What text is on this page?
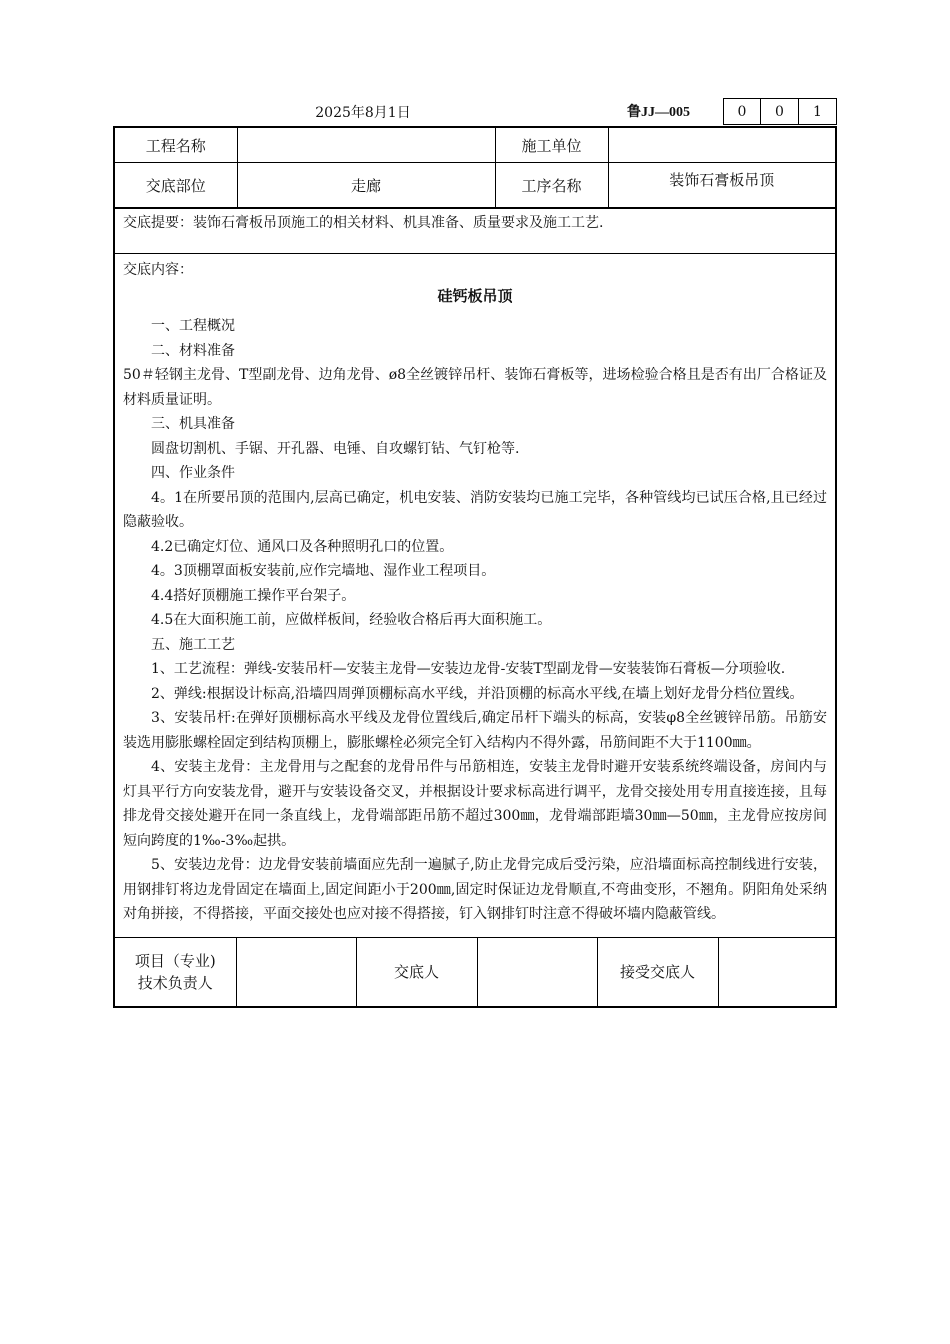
2025年8月1日	鲁JJ—005	0	0	1
工程名称		施工单位	
交底部位	走廊	工序名称	装饰石膏板吊顶
交底提要：装饰石膏板吊顶施工的相关材料、机具准备、质量要求及施工工艺.

交底内容：

硅钙板吊顶

一、工程概况

二、材料准备

50＃轻钢主龙骨、T型副龙骨、边角龙骨、ø8全丝镀锌吊杆、装饰石膏板等，进场检验合格且是否有出厂合格证及材料质量证明。

三、机具准备

圆盘切割机、手锯、开孔器、电锤、自攻螺钉钻、气钉枪等.

四、作业条件

4。1在所要吊顶的范围内,层高已确定，机电安装、消防安装均已施工完毕，各种管线均已试压合格,且已经过隐蔽验收。

4.2已确定灯位、通风口及各种照明孔口的位置。

4。3顶棚罩面板安装前,应作完墙地、湿作业工程项目。

4.4搭好顶棚施工操作平台架子。

4.5在大面积施工前，应做样板间，经验收合格后再大面积施工。

五、施工工艺

1、工艺流程：弹线-安装吊杆—安装主龙骨—安装边龙骨-安装T型副龙骨—安装装饰石膏板—分项验收.

2、弹线:根据设计标高,沿墙四周弹顶棚标高水平线，并沿顶棚的标高水平线,在墙上划好龙骨分档位置线。

3、安装吊杆:在弹好顶棚标高水平线及龙骨位置线后,确定吊杆下端头的标高，安装φ8全丝镀锌吊筋。吊筋安装选用膨胀螺栓固定到结构顶棚上，膨胀螺栓必须完全钉入结构内不得外露，吊筋间距不大于1100㎜。

4、安装主龙骨：主龙骨用与之配套的龙骨吊件与吊筋相连，安装主龙骨时避开安装系统终端设备，房间内与灯具平行方向安装龙骨，避开与安装设备交叉，并根据设计要求标高进行调平，龙骨交接处用专用直接连接，且每排龙骨交接处避开在同一条直线上，龙骨端部距吊筋不超过300㎜，龙骨端部距墙30㎜—50㎜，主龙骨应按房间短向跨度的1‰-3‰起拱。

5、安装边龙骨：边龙骨安装前墙面应先刮一遍腻子,防止龙骨完成后受污染，应沿墙面标高控制线进行安装，用钢排钉将边龙骨固定在墙面上,固定间距小于200㎜,固定时保证边龙骨顺直,不弯曲变形，不翘角。阴阳角处采纳对角拼接，不得搭接，平面交接处也应对接不得搭接，钉入钢排钉时注意不得破坏墙内隐蔽管线。

项目（专业)
技术负责人
		交底人		接受交底人	
